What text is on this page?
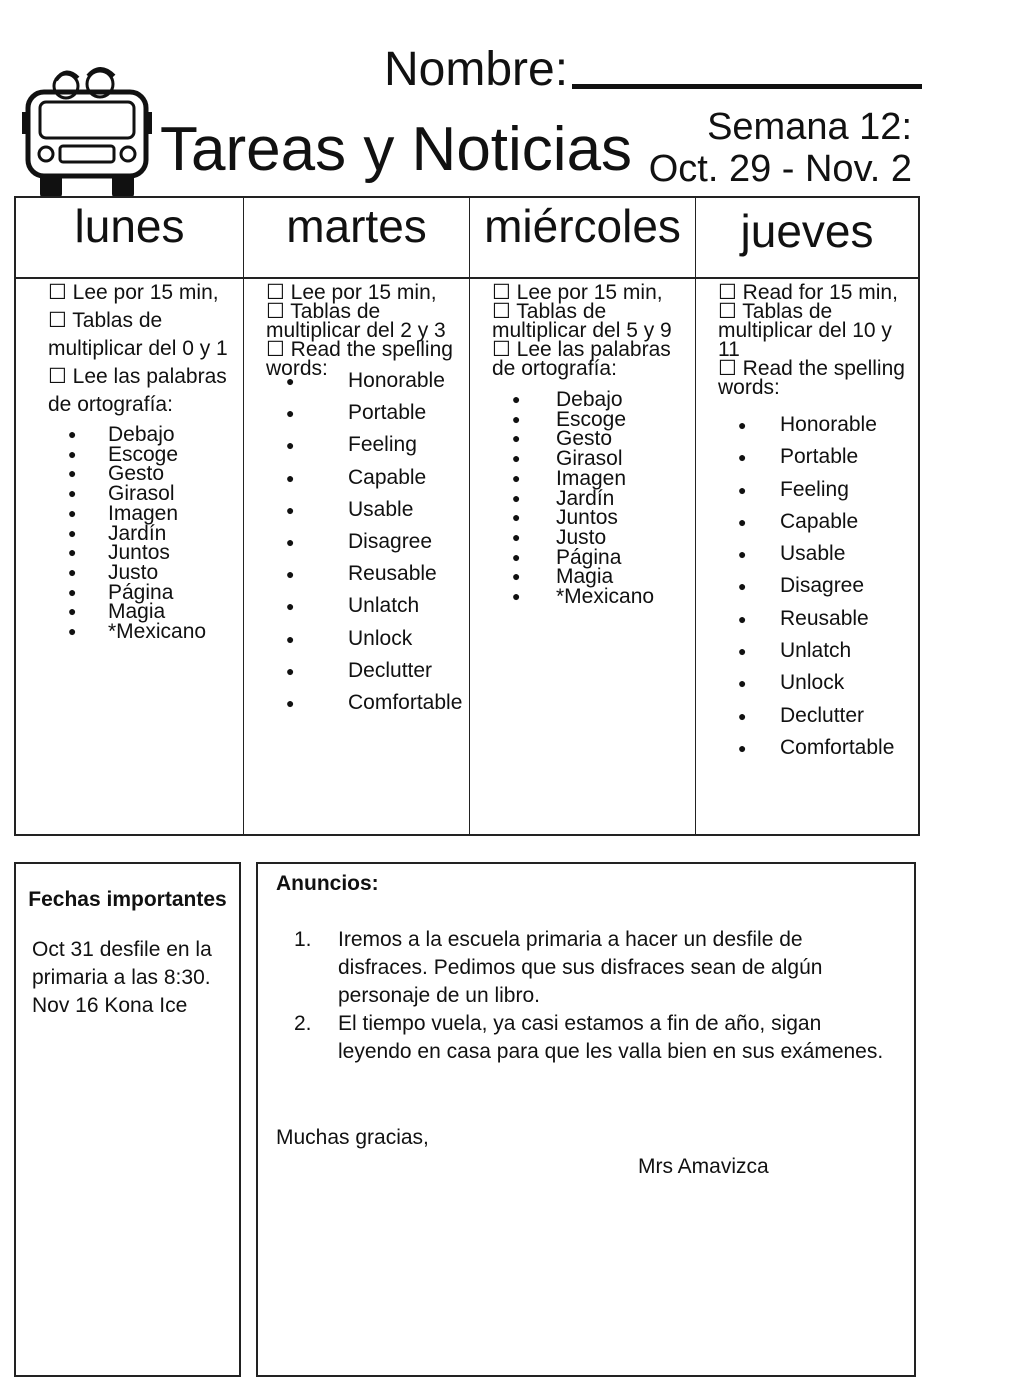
Nombre:
Tareas y Noticias	Semana 12:
Oct. 29 - Nov. 2
lunes

☐ Lee por 15 min,

☐ Tablas de multiplicar del 0 y 1

☐ Lee las palabras de ortografía:

● Debajo
● Escoge
● Gesto
● Girasol
● Imagen
● Jardín
● Juntos
● Justo
● Página
● Magia
● *Mexicano
martes

☐ Lee por 15 min,

☐ Tablas de multiplicar del 2 y 3

☐ Read the spelling words:

● Honorable
● Portable
● Feeling
● Capable
● Usable
● Disagree
● Reusable
● Unlatch
● Unlock
● Declutter
● Comfortable
miércoles

☐ Lee por 15 min,

☐ Tablas de multiplicar del 5 y 9

☐ Lee las palabras de ortografía:

● Debajo
● Escoge
● Gesto
● Girasol
● Imagen
● Jardín
● Juntos
● Justo
● Página
● Magia
● *Mexicano
jueves

☐ Read for 15 min,

☐ Tablas de multiplicar del 10 y 11

☐ Read the spelling words:

● Honorable
● Portable
● Feeling
● Capable
● Usable
● Disagree
● Reusable
● Unlatch
● Unlock
● Declutter
● Comfortable
Fechas importantes
Oct 31 desfile en la primaria a las 8:30.
Nov 16 Kona Ice
Anuncios:
1. Iremos a la escuela primaria a hacer un desfile de disfraces. Pedimos que sus disfraces sean de algún personaje de un libro.
2. El tiempo vuela, ya casi estamos a fin de año, sigan leyendo en casa para que les valla bien en sus exámenes.
Muchas gracias,
Mrs Amavizca
